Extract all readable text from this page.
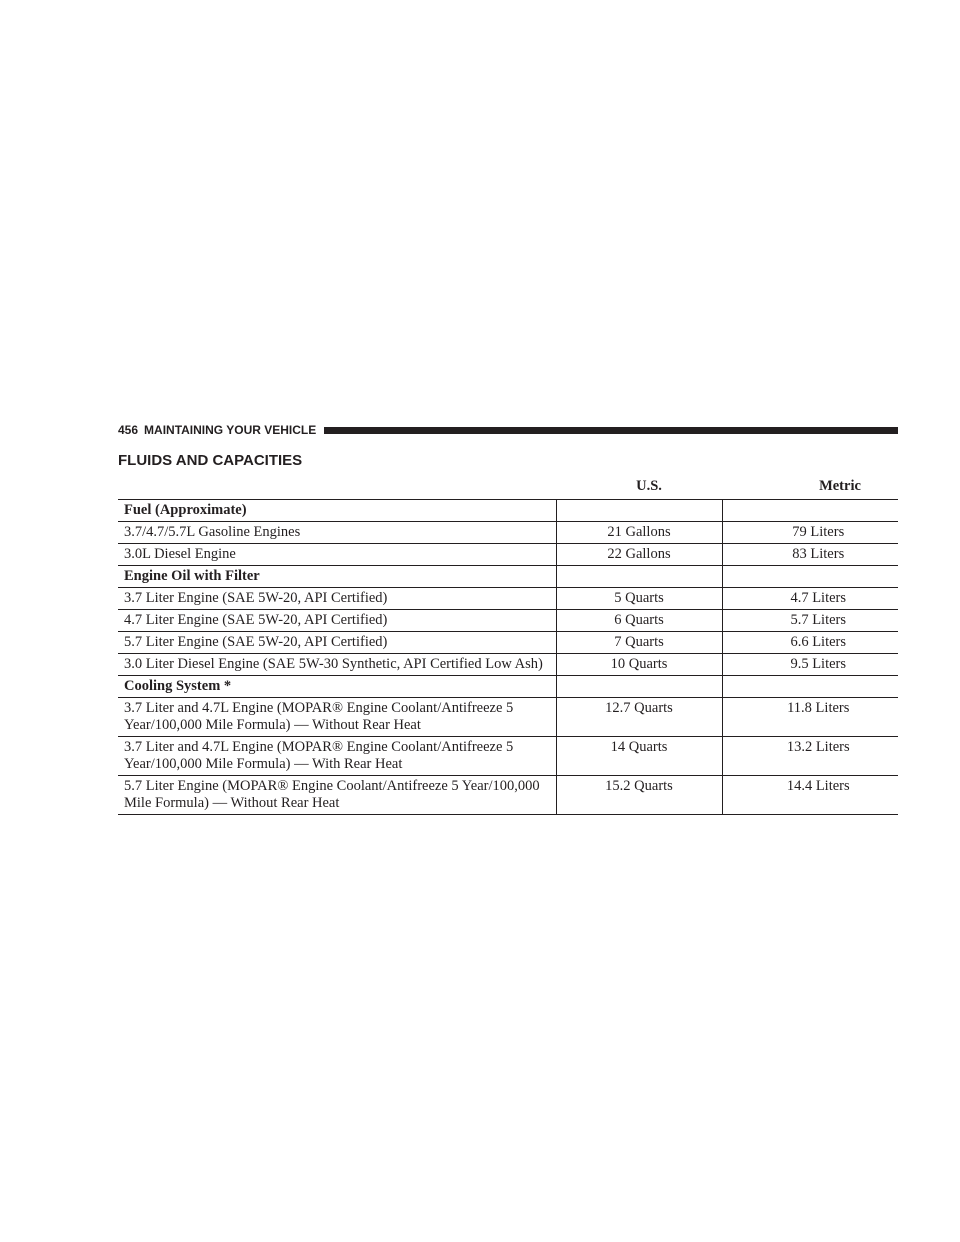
456 MAINTAINING YOUR VEHICLE
FLUIDS AND CAPACITIES
	U.S.	Metric
Fuel (Approximate)		
3.7/4.7/5.7L Gasoline Engines	21 Gallons	79 Liters
3.0L Diesel Engine	22 Gallons	83 Liters
Engine Oil with Filter		
3.7 Liter Engine (SAE 5W-20, API Certified)	5 Quarts	4.7 Liters
4.7 Liter Engine (SAE 5W-20, API Certified)	6 Quarts	5.7 Liters
5.7 Liter Engine (SAE 5W-20, API Certified)	7 Quarts	6.6 Liters
3.0 Liter Diesel Engine (SAE 5W-30 Synthetic, API Certified Low Ash)	10 Quarts	9.5 Liters
Cooling System *		
3.7 Liter and 4.7L Engine (MOPAR® Engine Coolant/Antifreeze 5 Year/100,000 Mile Formula) — Without Rear Heat	12.7 Quarts	11.8 Liters
3.7 Liter and 4.7L Engine (MOPAR® Engine Coolant/Antifreeze 5 Year/100,000 Mile Formula) — With Rear Heat	14 Quarts	13.2 Liters
5.7 Liter Engine (MOPAR® Engine Coolant/Antifreeze 5 Year/100,000 Mile Formula) — Without Rear Heat	15.2 Quarts	14.4 Liters
